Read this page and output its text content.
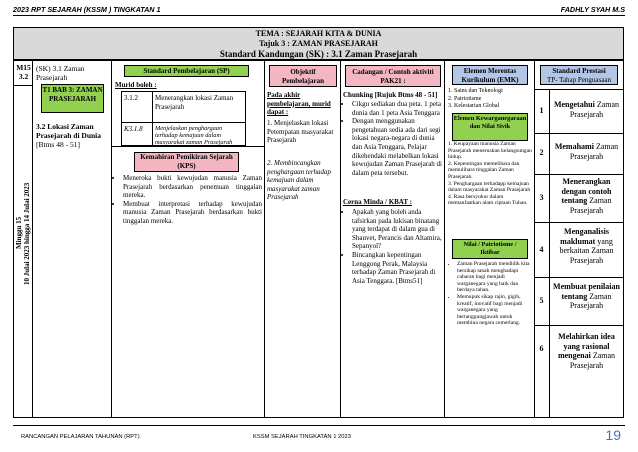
2023 RPT SEJARAH (KSSM ) TINGKATAN 1	FADHLY SYAH M.S
TEMA : SEJARAH KITA & DUNIA
Tajuk 3 : ZAMAN PRASEJARAH
Standard Kandungan (SK) : 3.1 Zaman Prasejarah
M15
3.2
Minggu 15 10 Julai 2023 hingga 14 Julai 2023
(SK) 3.1 Zaman Prasejarah
T1 BAB 3: ZAMAN PRASEJARAH
3.2 Lokasi Zaman Prasejarah di Dunia
[Btms 48 - 51]
Standard Pembelajaran (SP)
Murid boleh :
3.1.2 Menerangkan lokasi Zaman Prasejarah
K3.1.8 Menjelaskan penghargaan terhadap kemajuan dalam masyarakat zaman Prasejarah
Kemahiran Pemikiran Sejarah (KPS)
• Meneroka bukti kewujudan manusia Zaman Prasejarah berdasarkan penemuan tinggalan mereka.
• Membuat interpretasi terhadap kewujudan manusia Zaman Prasejarah berdasarkan bukti tinggalan mereka.
Objektif Pembelajaran
Pada akhir pembelajaran, murid dapat :
1. Menjelaskan lokasi Petempatan masyarakat Prasejarah
2. Membincangkan penghargaan terhadap kemajuan dalam masyarakat zaman Prasejarah
Cadangan / Contoh aktiviti PAK21 :
Chunking [Rujuk Btms 48 - 51]
• Cikgu sediakan dua peta. 1 peta dunia dan 1 peta Asia Tenggara
• Dengan menggunakan pengetahuan sedia ada dari segi lokasi negara-negara di dunia dan Asia Tenggara, Pelajar dikehendaki melabelkan lokasi kewujudan Zaman Prasejarah di dalam peta tersebut.
Cerna Minda / KBAT :
• Apakah yang boleh anda tafsirkan pada lukisan binatang yang terdapat di dalam gua di Shauvet, Perancis dan Altamira, Sepanyol?
• Bincangkan kepentingan Lenggong Perak, Malaysia terhadap Zaman Prasejarah di Asia Tenggara. [Btms51]
Elemen Merentas Kurikulum (EMK)
1. Sains dan Teknologi
2. Patriotisme
3. Kelestarian Global
Elemen Kewarganegaraan dan Nilai Sivik
1. Keupayaan manusia Zaman Prasejarah meneruskan kelangsungan hidup.
2. Kepentingan memelihara dan memulihara tinggalan Zaman Prasejarah.
3. Penghargaan terhadapp kemajuan dalam masyarakat Zaman Prasejarah
4. Rasa bersyukur dalam memanfaatkan alam ciptaan Tuhan.
Nilai / Patriotisme / Iktibar
• Zaman Prasejarah mendidik kita bersikap tanah menghadapi cabaran bagi menjadi warganegara yang baik dan berdaya tahan.
• Memupuk sikap rajin, gigih, kreatif, inovatif bagi menjadi warganegara yang bertanggungjawab untuk membina negara cemerlang.
Standard Prestasi
TP- Tahap Penguasaan
1
Mengetahui Zaman Prasejarah
2
Memahami Zaman Prasejarah
3
Menerangkan dengan contoh tentang Zaman Prasejarah
4
Menganalisis maklumat yang berkaitan Zaman Prasejarah
5
Membuat penilaian tentang Zaman Prasejarah
6
Melahirkan idea yang rasional mengenai Zaman Prasejarah
RANCANGAN PELAJARAN TAHUNAN (RPT)	KSSM SEJARAH TINGKATAN 1 2023	19
